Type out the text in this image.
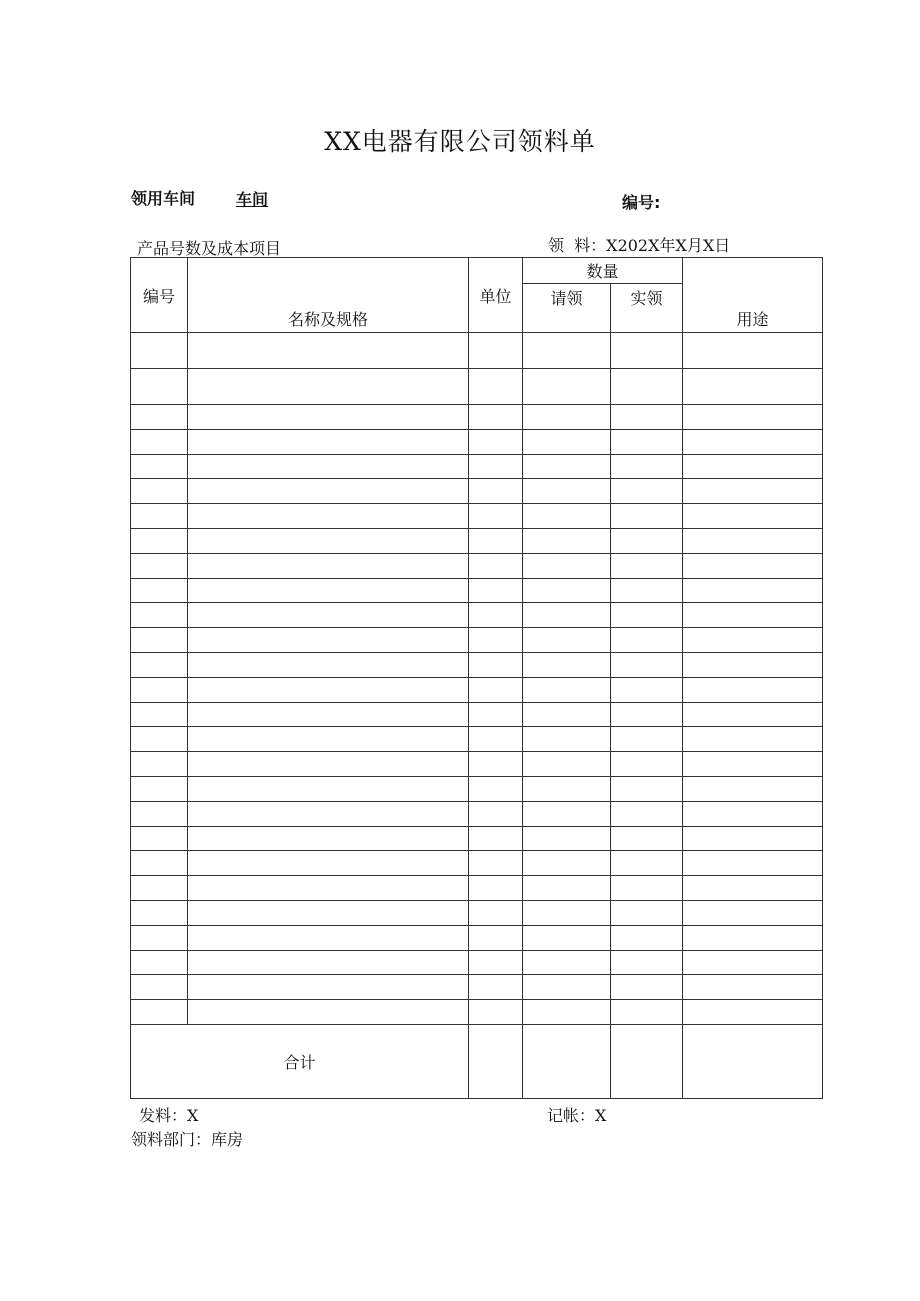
XX电器有限公司领料单
领用车间	车间	编号:
产品号数及成本项目	领  料：X202X年X月X日
编号	名称及规格	单位	数量		用途
			请领	实领	

合计					
发料：X	记帐：X
领料部门：库房
